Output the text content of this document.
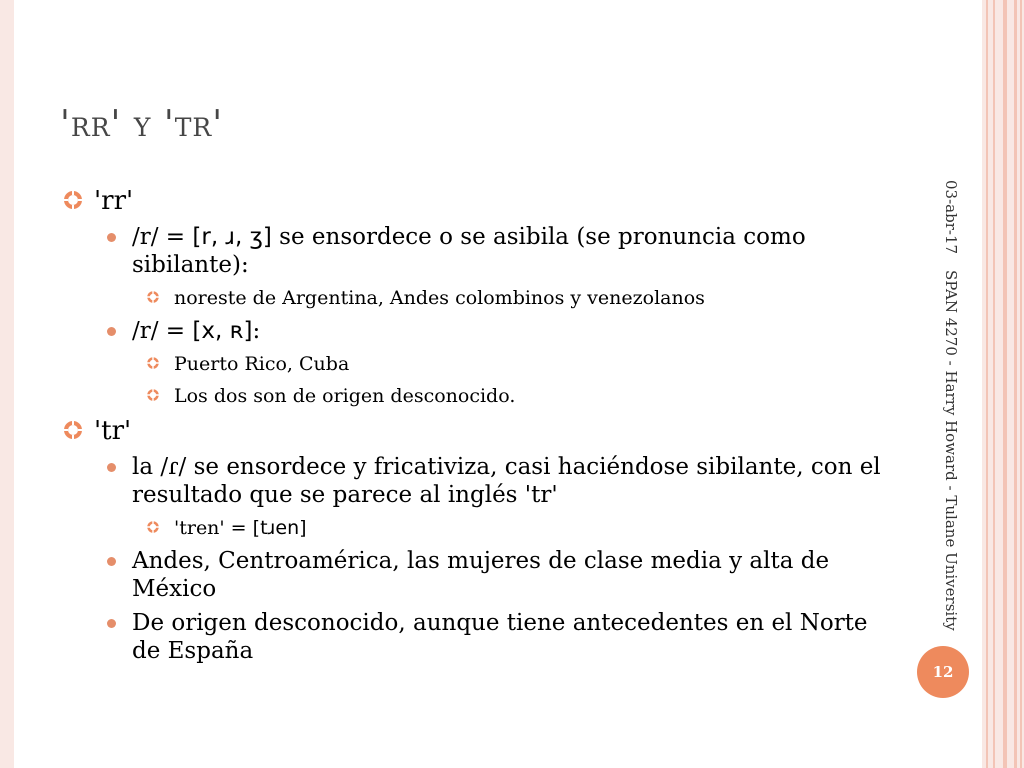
'rr' y 'tr'
'rr'
/r/ = [r, ɹ, ʒ] se ensordece o se asibila (se pronuncia como sibilante):
noreste de Argentina, Andes colombinos y venezolanos
/r/ = [x, ʀ]:
Puerto Rico, Cuba
Los dos son de origen desconocido.
'tr'
la /ɾ/ se ensordece y fricativiza, casi haciéndose sibilante, con el resultado que se parece al inglés 'tr'
'tren' = [tɹen]
Andes, Centroamérica, las mujeres de clase media y alta de México
De origen desconocido, aunque tiene antecedentes en el Norte de España
03-abr-17
SPAN 4270 - Harry Howard - Tulane University
12
